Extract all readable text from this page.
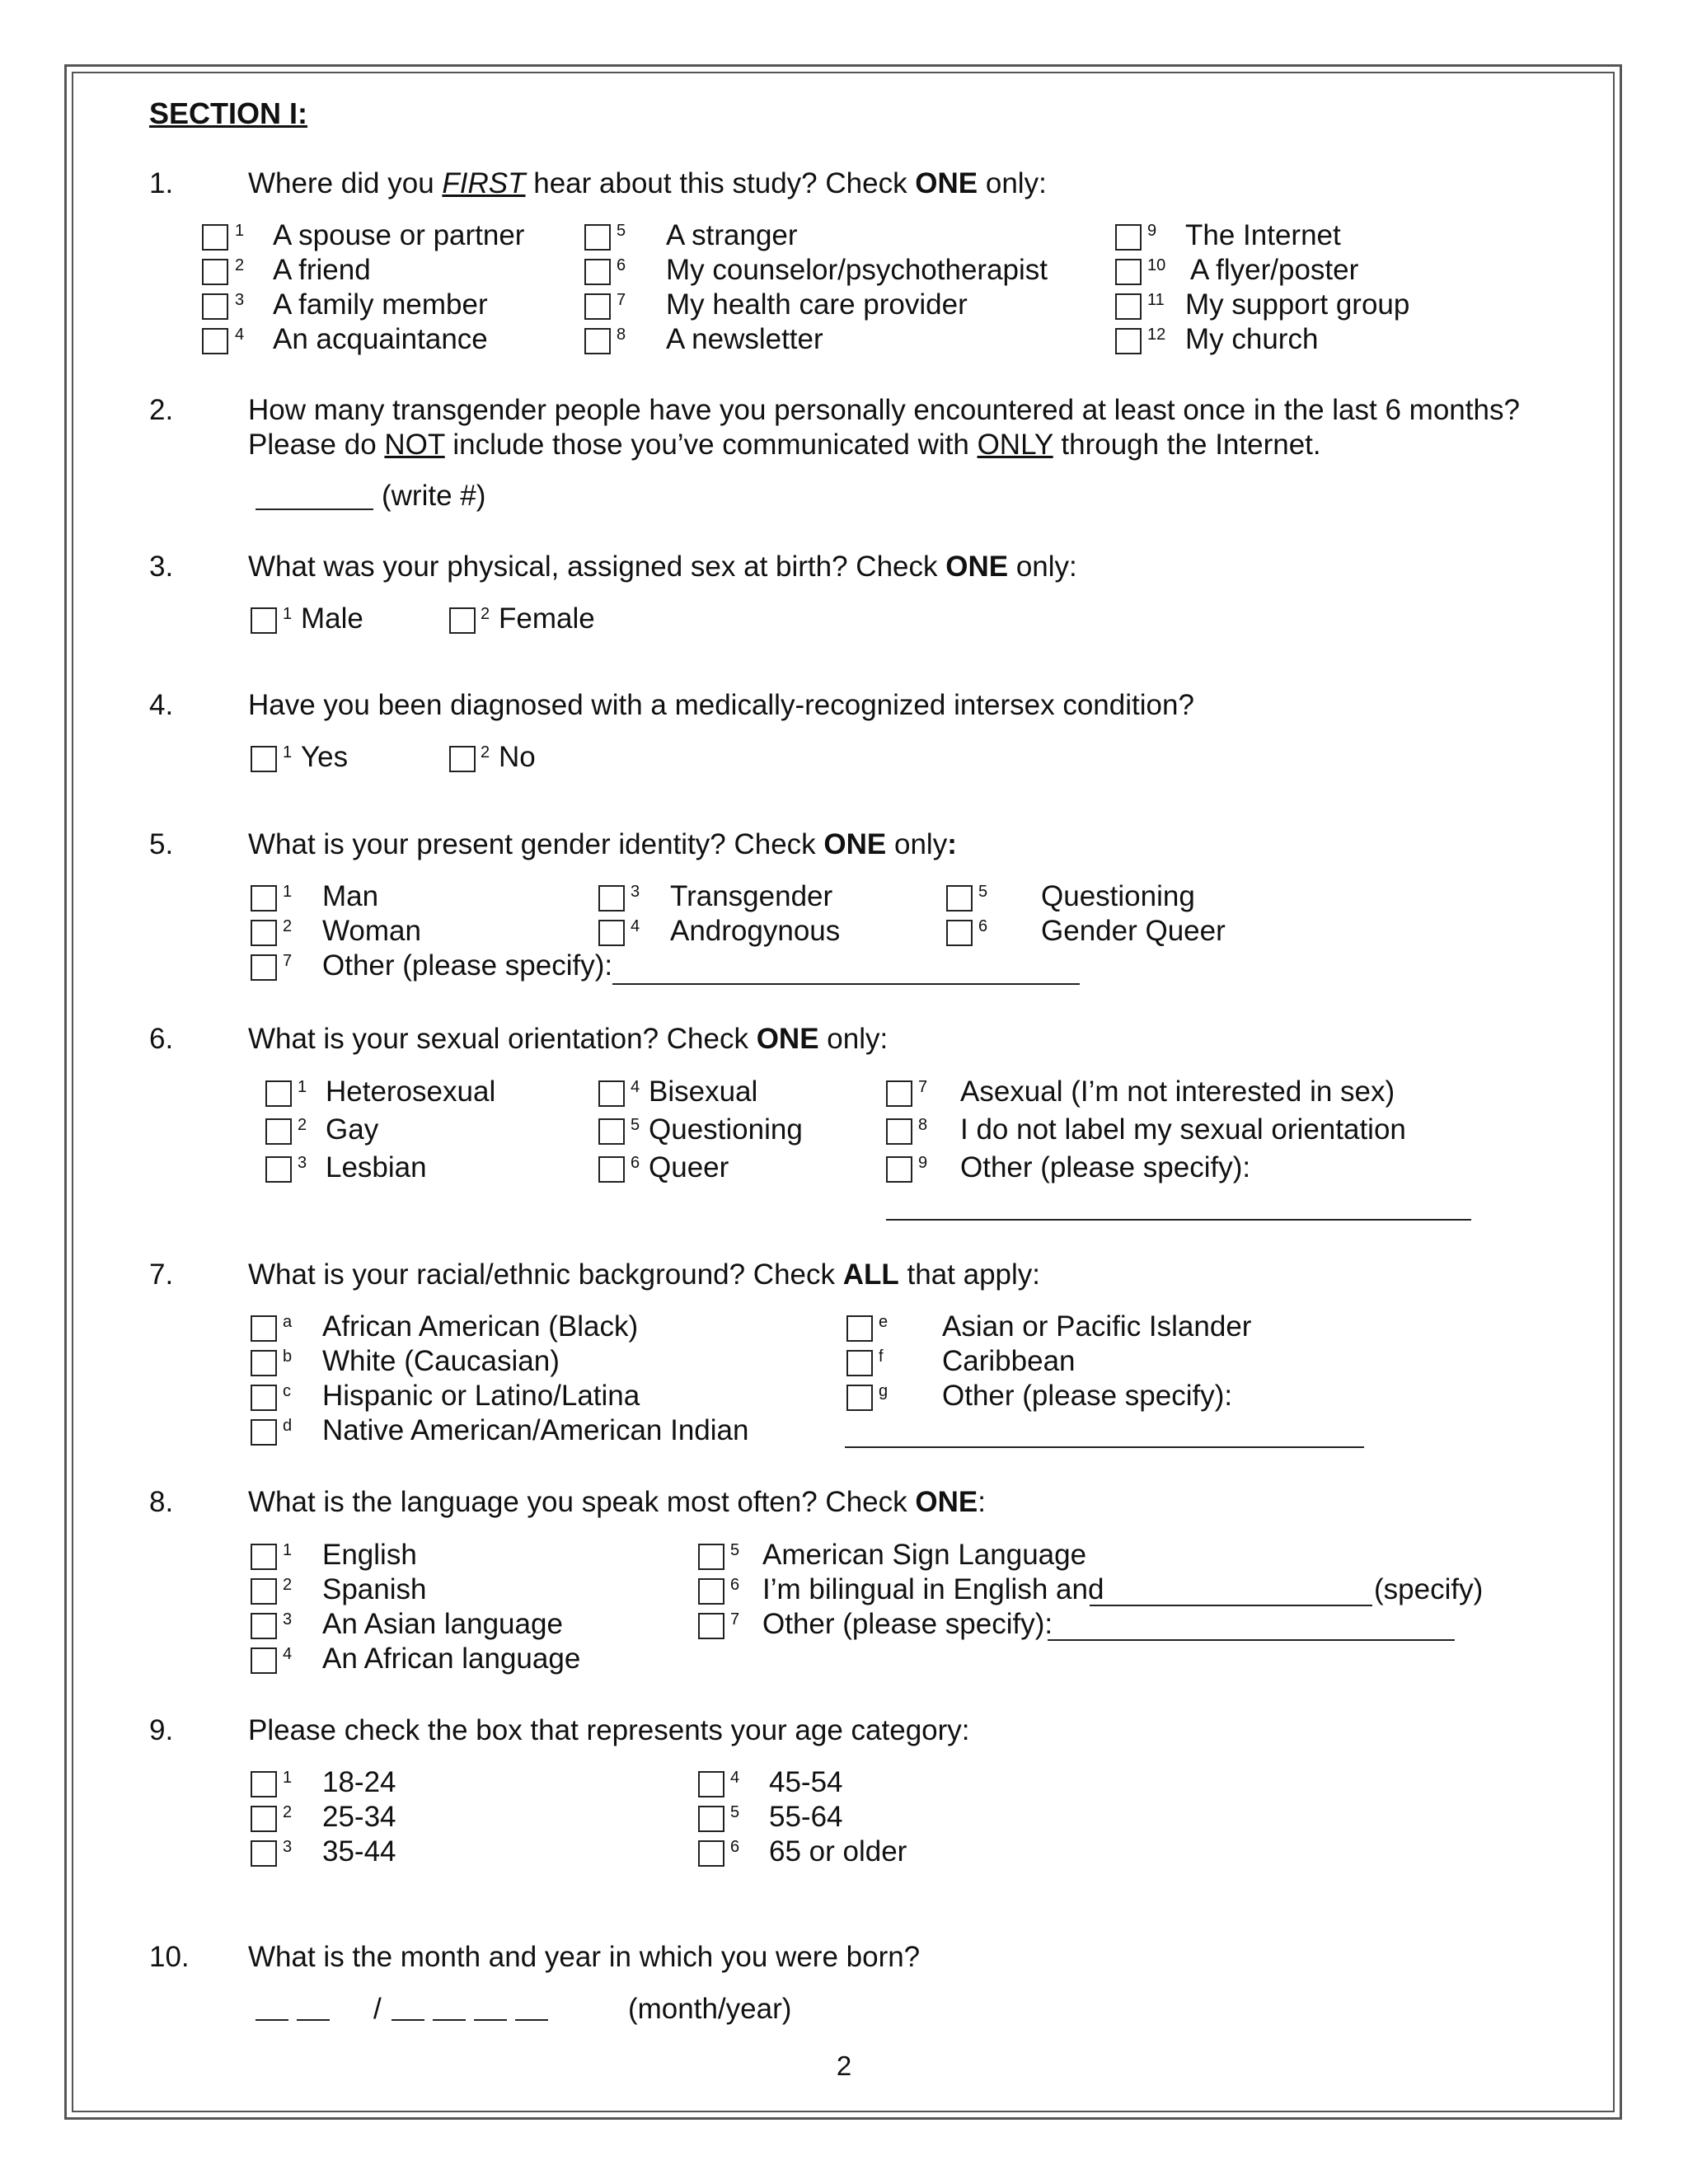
SECTION I:
1.	Where did you FIRST hear about this study? Check ONE only:
1 A spouse or partner
2 A friend
3 A family member
4 An acquaintance
5 A stranger
6 My counselor/psychotherapist
7 My health care provider
8 A newsletter
9 The Internet
10 A flyer/poster
11 My support group
12 My church
2.	How many transgender people have you personally encountered at least once in the last 6 months?
Please do NOT include those you’ve communicated with ONLY through the Internet.
(write #)
3.	What was your physical, assigned sex at birth? Check ONE only:
1 Male	2 Female
4.	Have you been diagnosed with a medically-recognized intersex condition?
1 Yes	2 No
5.	What is your present gender identity? Check ONE only:
1 Man
2 Woman
3 Transgender
4 Androgynous
5 Questioning
6 Gender Queer
7 Other (please specify):
6.	What is your sexual orientation? Check ONE only:
1 Heterosexual
2 Gay
3 Lesbian
4 Bisexual
5 Questioning
6 Queer
7 Asexual (I’m not interested in sex)
8 I do not label my sexual orientation
9 Other (please specify):
7.	What is your racial/ethnic background? Check ALL that apply:
a African American (Black)
b White (Caucasian)
c Hispanic or Latino/Latina
d Native American/American Indian
e Asian or Pacific Islander
f Caribbean
g Other (please specify):
8.	What is the language you speak most often? Check ONE:
1 English
2 Spanish
3 An Asian language
4 An African language
5 American Sign Language
6 I’m bilingual in English and	(specify)
7 Other (please specify):
9.	Please check the box that represents your age category:
1 18-24
2 25-34
3 35-44
4 45-54
5 55-64
6 65 or older
10. What is the month and year in which you were born?
/	(month/year)
2
